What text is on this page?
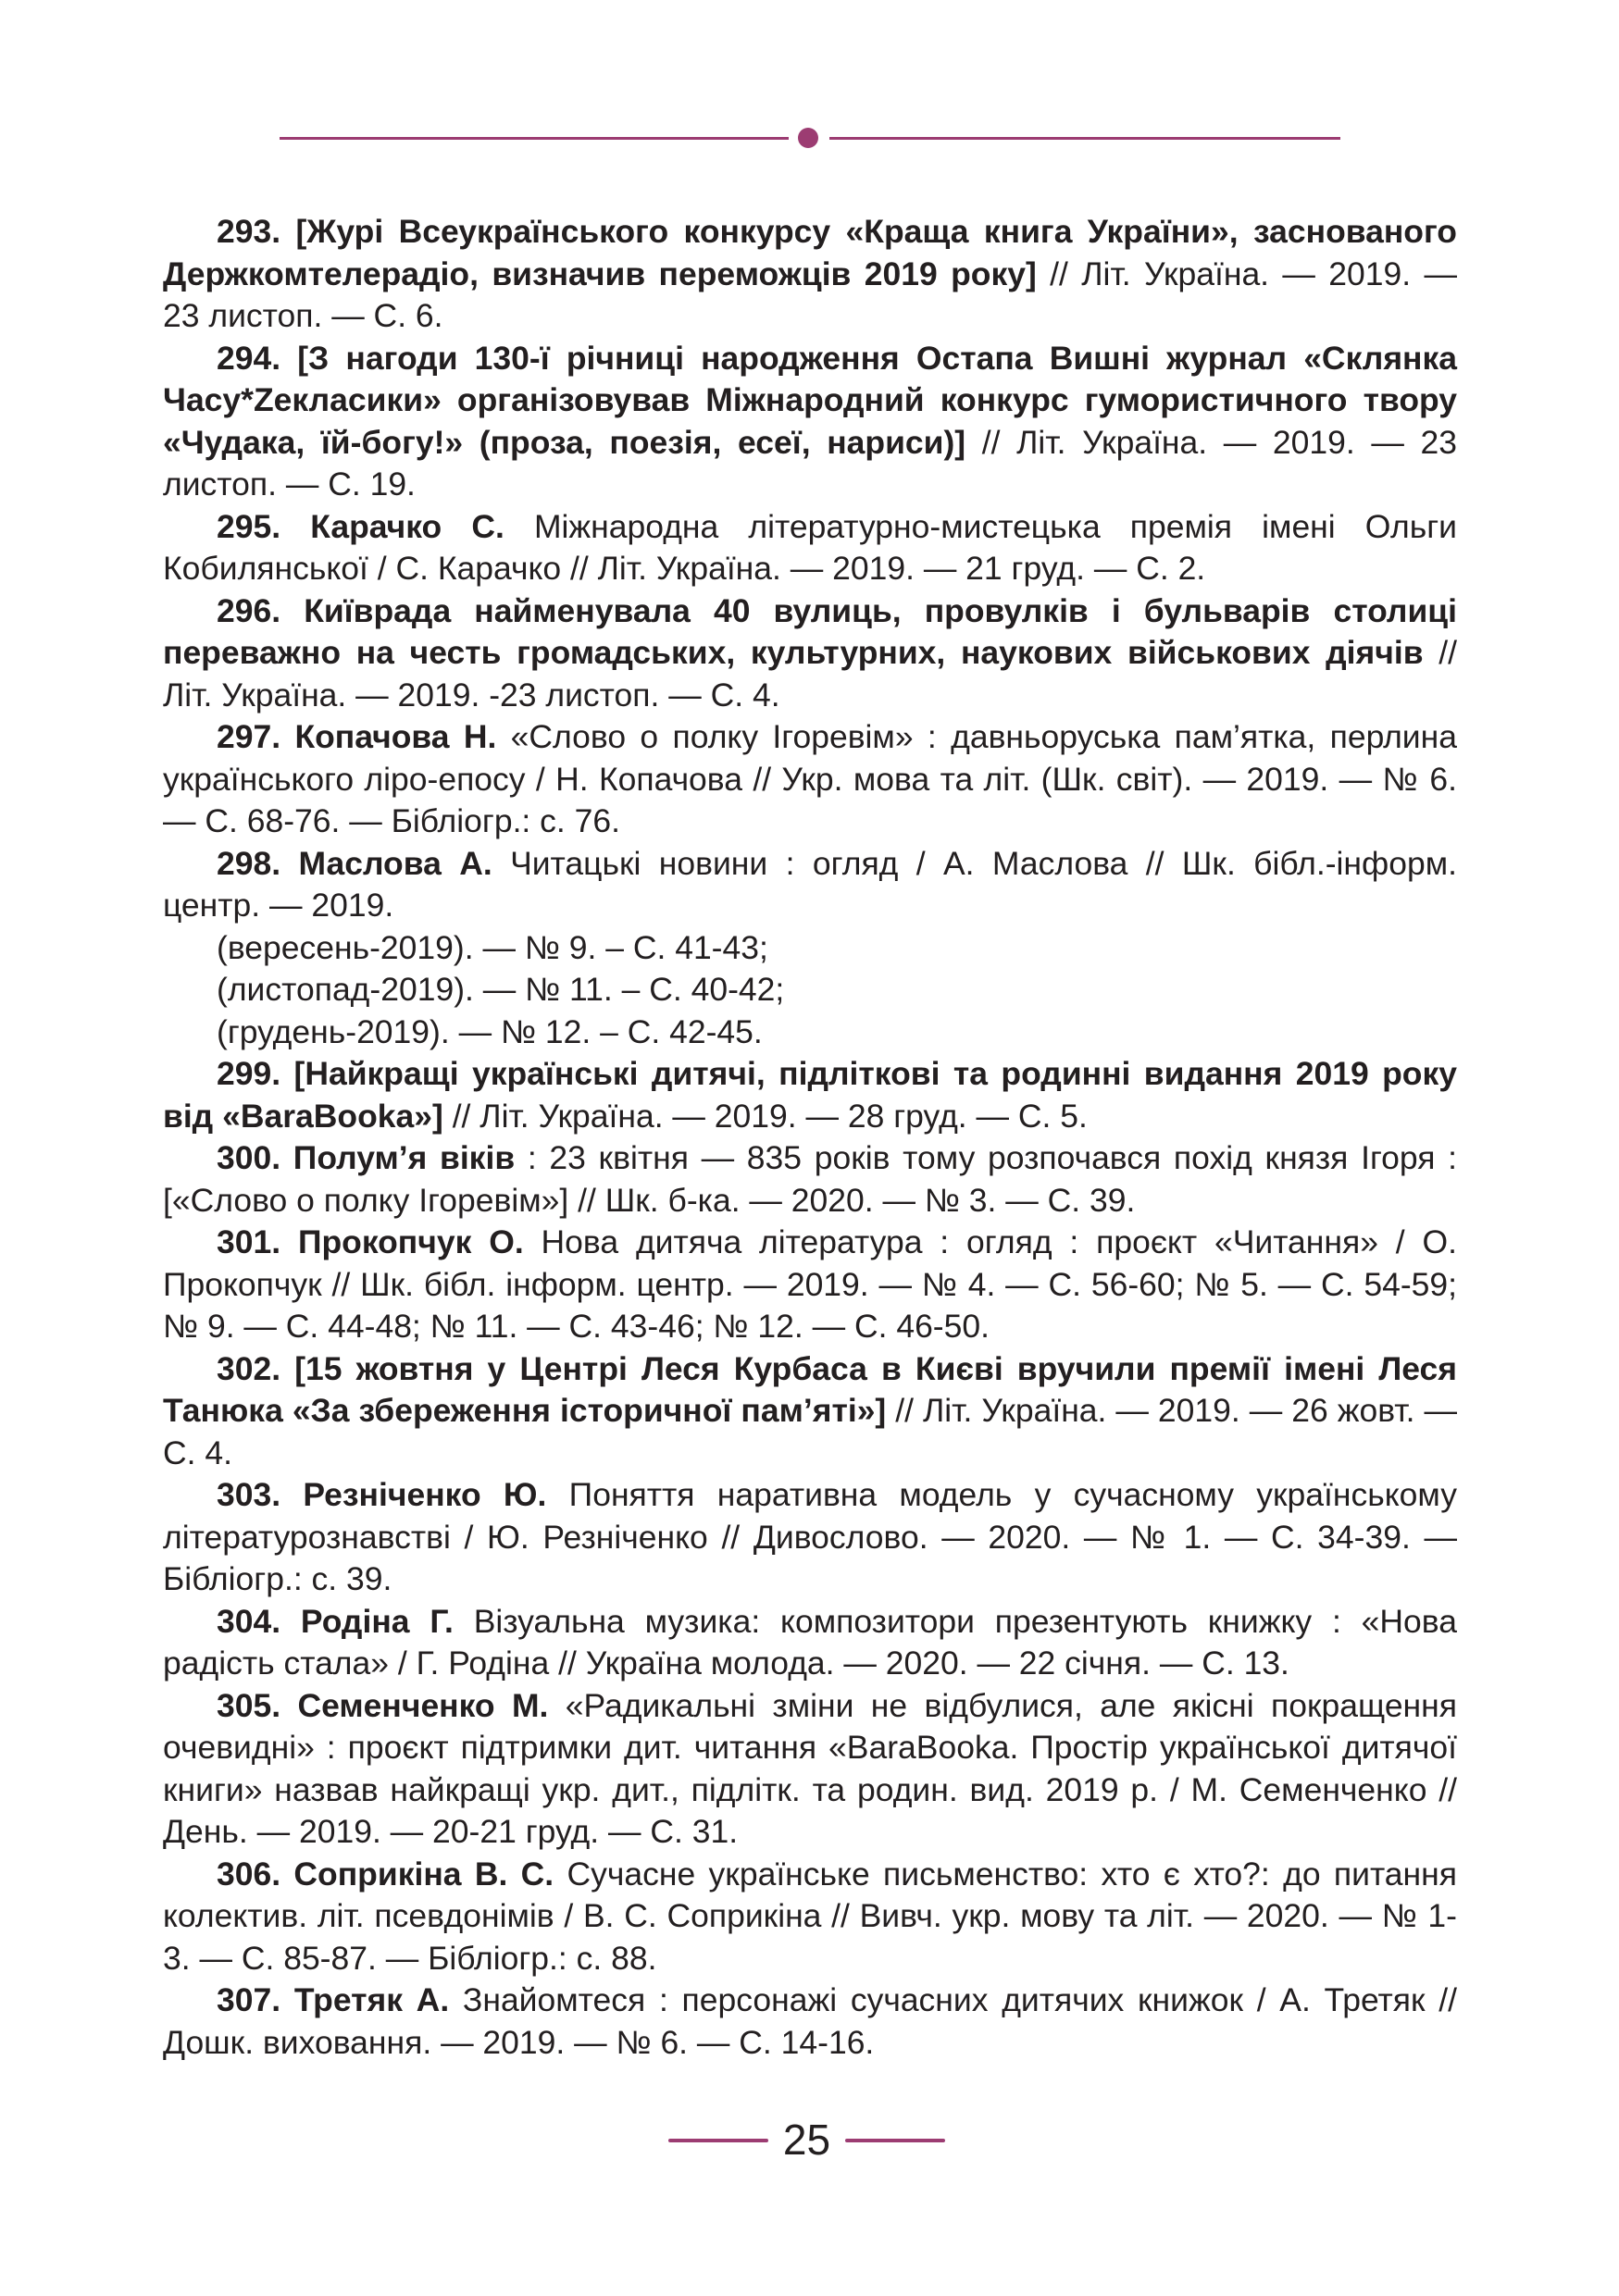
293. [Журі Всеукраїнського конкурсу «Краща книга України», заснованого Держкомтелерадіо, визначив переможців 2019 року] // Літ. Україна. — 2019. — 23 листоп. — С. 6.
294. [З нагоди 130-ї річниці народження Остапа Вишні журнал «Склянка Часу*Zекласики» організовував Міжнародний конкурс гумористичного твору «Чудака, їй-богу!» (проза, поезія, есеї, нариси)] // Літ. Україна. — 2019. — 23 листоп. — С. 19.
295. Карачко С. Міжнародна літературно-мистецька премія імені Ольги Кобилянської / С. Карачко // Літ. Україна. — 2019. — 21 груд. — С. 2.
296. Київрада найменувала 40 вулиць, провулків і бульварів столиці переважно на честь громадських, культурних, наукових військових діячів // Літ. Україна. — 2019. -23 листоп. — С. 4.
297. Копачова Н. «Слово о полку Ігоревім» : давньоруська пам’ятка, перлина українського ліро-епосу / Н. Копачова // Укр. мова та літ. (Шк. світ). — 2019. — № 6. — С. 68-76. — Бібліогр.: с. 76.
298. Маслова А. Читацькі новини : огляд / А. Маслова // Шк. бібл.-інформ. центр. — 2019.
(вересень-2019). — № 9. – С. 41-43;
(листопад-2019). — № 11. – С. 40-42;
(грудень-2019). — № 12. – С. 42-45.
299. [Найкращі українські дитячі, підліткові та родинні видання 2019 року від «BaraBooka»] // Літ. Україна. — 2019. — 28 груд. — С. 5.
300. Полум’я віків : 23 квітня — 835 років тому розпочався похід князя Ігоря : [«Слово о полку Ігоревім»] // Шк. б-ка. — 2020. — № 3. — С. 39.
301. Прокопчук О. Нова дитяча література : огляд : проєкт «Читання» / О. Прокопчук // Шк. бібл. інформ. центр. — 2019. — № 4. — С. 56-60; № 5. — С. 54-59; № 9. — С. 44-48; № 11. — С. 43-46; № 12. — С. 46-50.
302. [15 жовтня у Центрі Леся Курбаса в Києві вручили премії імені Леся Танюка «За збереження історичної пам’яті»] // Літ. Україна. — 2019. — 26 жовт. — С. 4.
303. Резніченко Ю. Поняття наративна модель у сучасному українському літературознавстві / Ю. Резніченко // Дивослово. — 2020. — № 1. — С. 34-39. — Бібліогр.: с. 39.
304. Родіна Г. Візуальна музика: композитори презентують книжку : «Нова радість стала» / Г. Родіна // Україна молода. — 2020. — 22 січня. — С. 13.
305. Семенченко М. «Радикальні зміни не відбулися, але якісні покращення очевидні» : проєкт підтримки дит. читання «BaraBooka. Простір української дитячої книги» назвав найкращі укр. дит., підлітк. та родин. вид. 2019 р. / М. Семенченко // День. — 2019. — 20-21 груд. — С. 31.
306. Соприкіна В. С. Сучасне українське письменство: хто є хто?: до питання колектив. літ. псевдонімів / В. С. Соприкіна // Вивч. укр. мову та літ. — 2020. — № 1-3. — С. 85-87. — Бібліогр.: с. 88.
307. Третяк А. Знайомтеся : персонажі сучасних дитячих книжок / А. Третяк // Дошк. виховання. — 2019. — № 6. — С. 14-16.
25
